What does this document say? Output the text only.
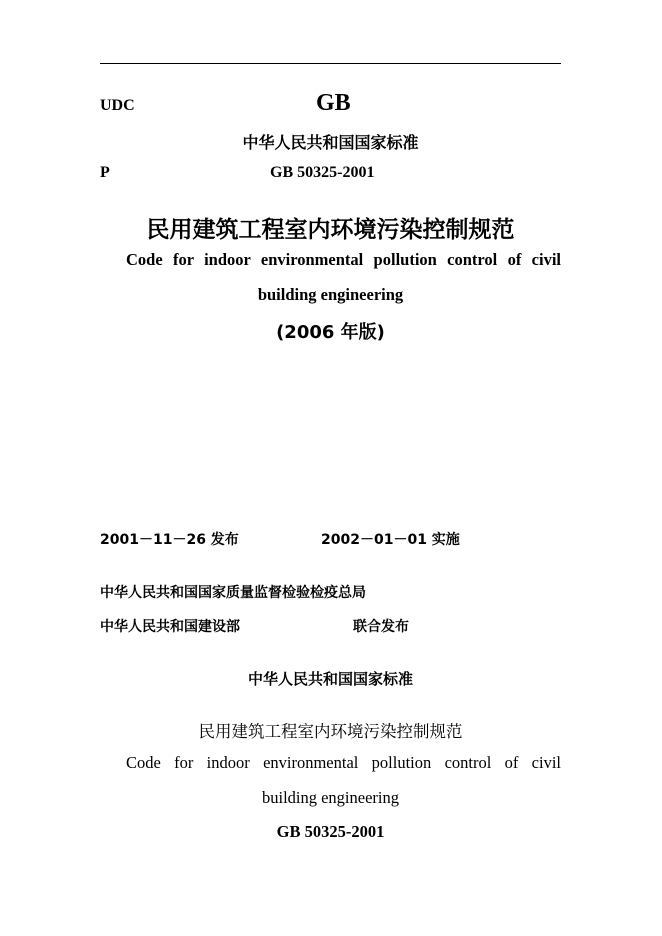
UDC	GB
中华人民共和国国家标准
P	GB 50325-2001
民用建筑工程室内环境污染控制规范
Code for indoor environmental pollution control of civil
building engineering
(2006 年版)
2001－11－26 发布	2002－01－01 实施
中华人民共和国国家质量监督检验检疫总局
中华人民共和国建设部	联合发布
中华人民共和国国家标准
民用建筑工程室内环境污染控制规范
Code for indoor environmental pollution control of civil
building engineering
GB 50325-2001
